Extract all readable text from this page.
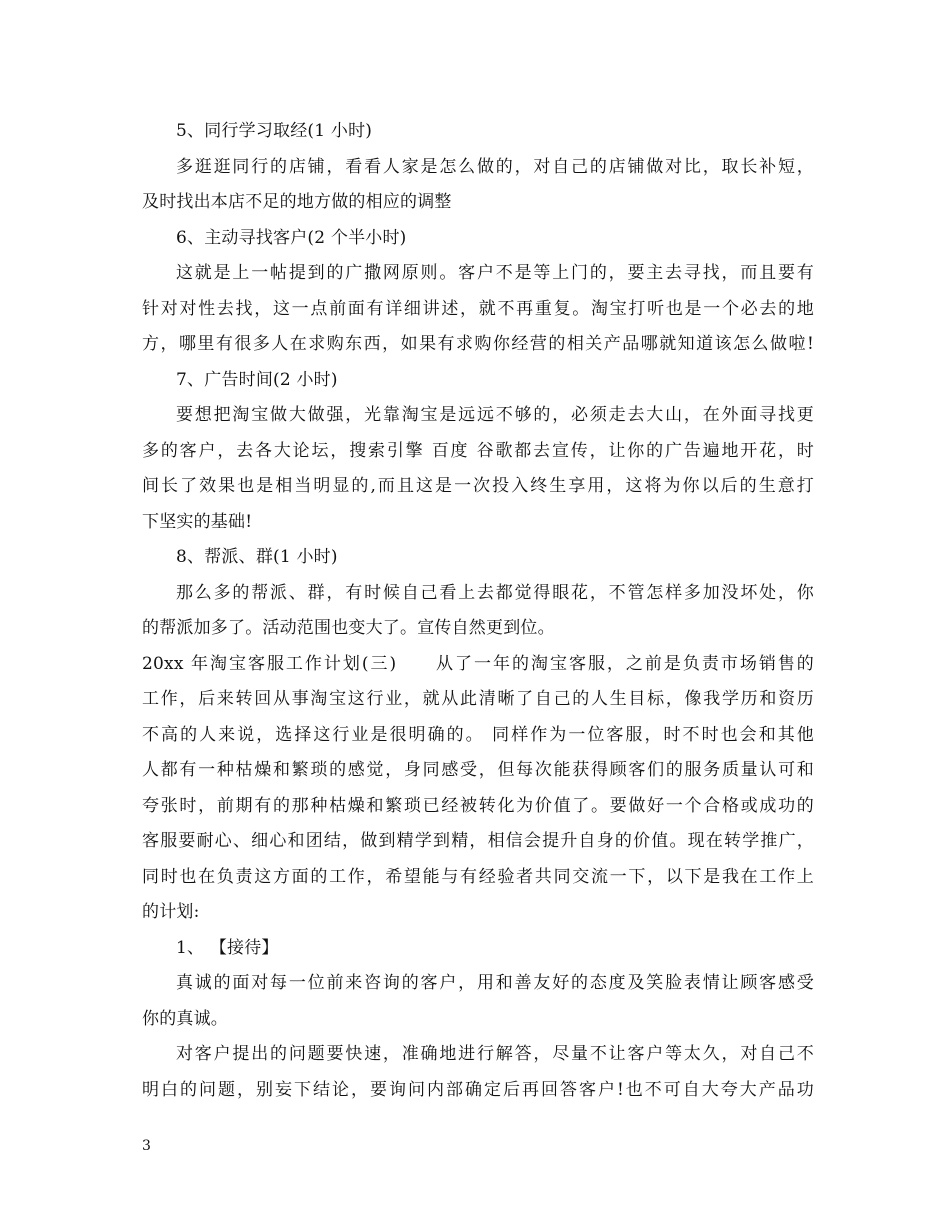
5、同行学习取经(1 小时)
多逛逛同行的店铺，看看人家是怎么做的，对自己的店铺做对比，取长补短，
及时找出本店不足的地方做的相应的调整
6、主动寻找客户(2 个半小时)
这就是上一帖提到的广撒网原则。客户不是等上门的，要主去寻找，而且要有
针对对性去找，这一点前面有详细讲述，就不再重复。淘宝打听也是一个必去的地
方，哪里有很多人在求购东西，如果有求购你经营的相关产品哪就知道该怎么做啦!
7、广告时间(2 小时)
要想把淘宝做大做强，光靠淘宝是远远不够的，必须走去大山，在外面寻找更
多的客户，去各大论坛，搜索引擎 百度 谷歌都去宣传，让你的广告遍地开花，时
间长了效果也是相当明显的,而且这是一次投入终生享用，这将为你以后的生意打
下坚实的基础!
8、帮派、群(1 小时)
那么多的帮派、群，有时候自己看上去都觉得眼花，不管怎样多加没坏处，你
的帮派加多了。活动范围也变大了。宣传自然更到位。
20xx 年淘宝客服工作计划(三)　　从了一年的淘宝客服，之前是负责市场销售的
工作，后来转回从事淘宝这行业，就从此清晰了自己的人生目标，像我学历和资历
不高的人来说，选择这行业是很明确的。 同样作为一位客服，时不时也会和其他
人都有一种枯燥和繁琐的感觉，身同感受，但每次能获得顾客们的服务质量认可和
夸张时，前期有的那种枯燥和繁琐已经被转化为价值了。要做好一个合格或成功的
客服要耐心、细心和团结，做到精学到精，相信会提升自身的价值。现在转学推广，
同时也在负责这方面的工作，希望能与有经验者共同交流一下，以下是我在工作上
的计划:
1、 【接待】
真诚的面对每一位前来咨询的客户，用和善友好的态度及笑脸表情让顾客感受
你的真诚。
对客户提出的问题要快速，准确地进行解答，尽量不让客户等太久，对自己不
明白的问题，别妄下结论，要询问内部确定后再回答客户!也不可自大夸大产品功
3
